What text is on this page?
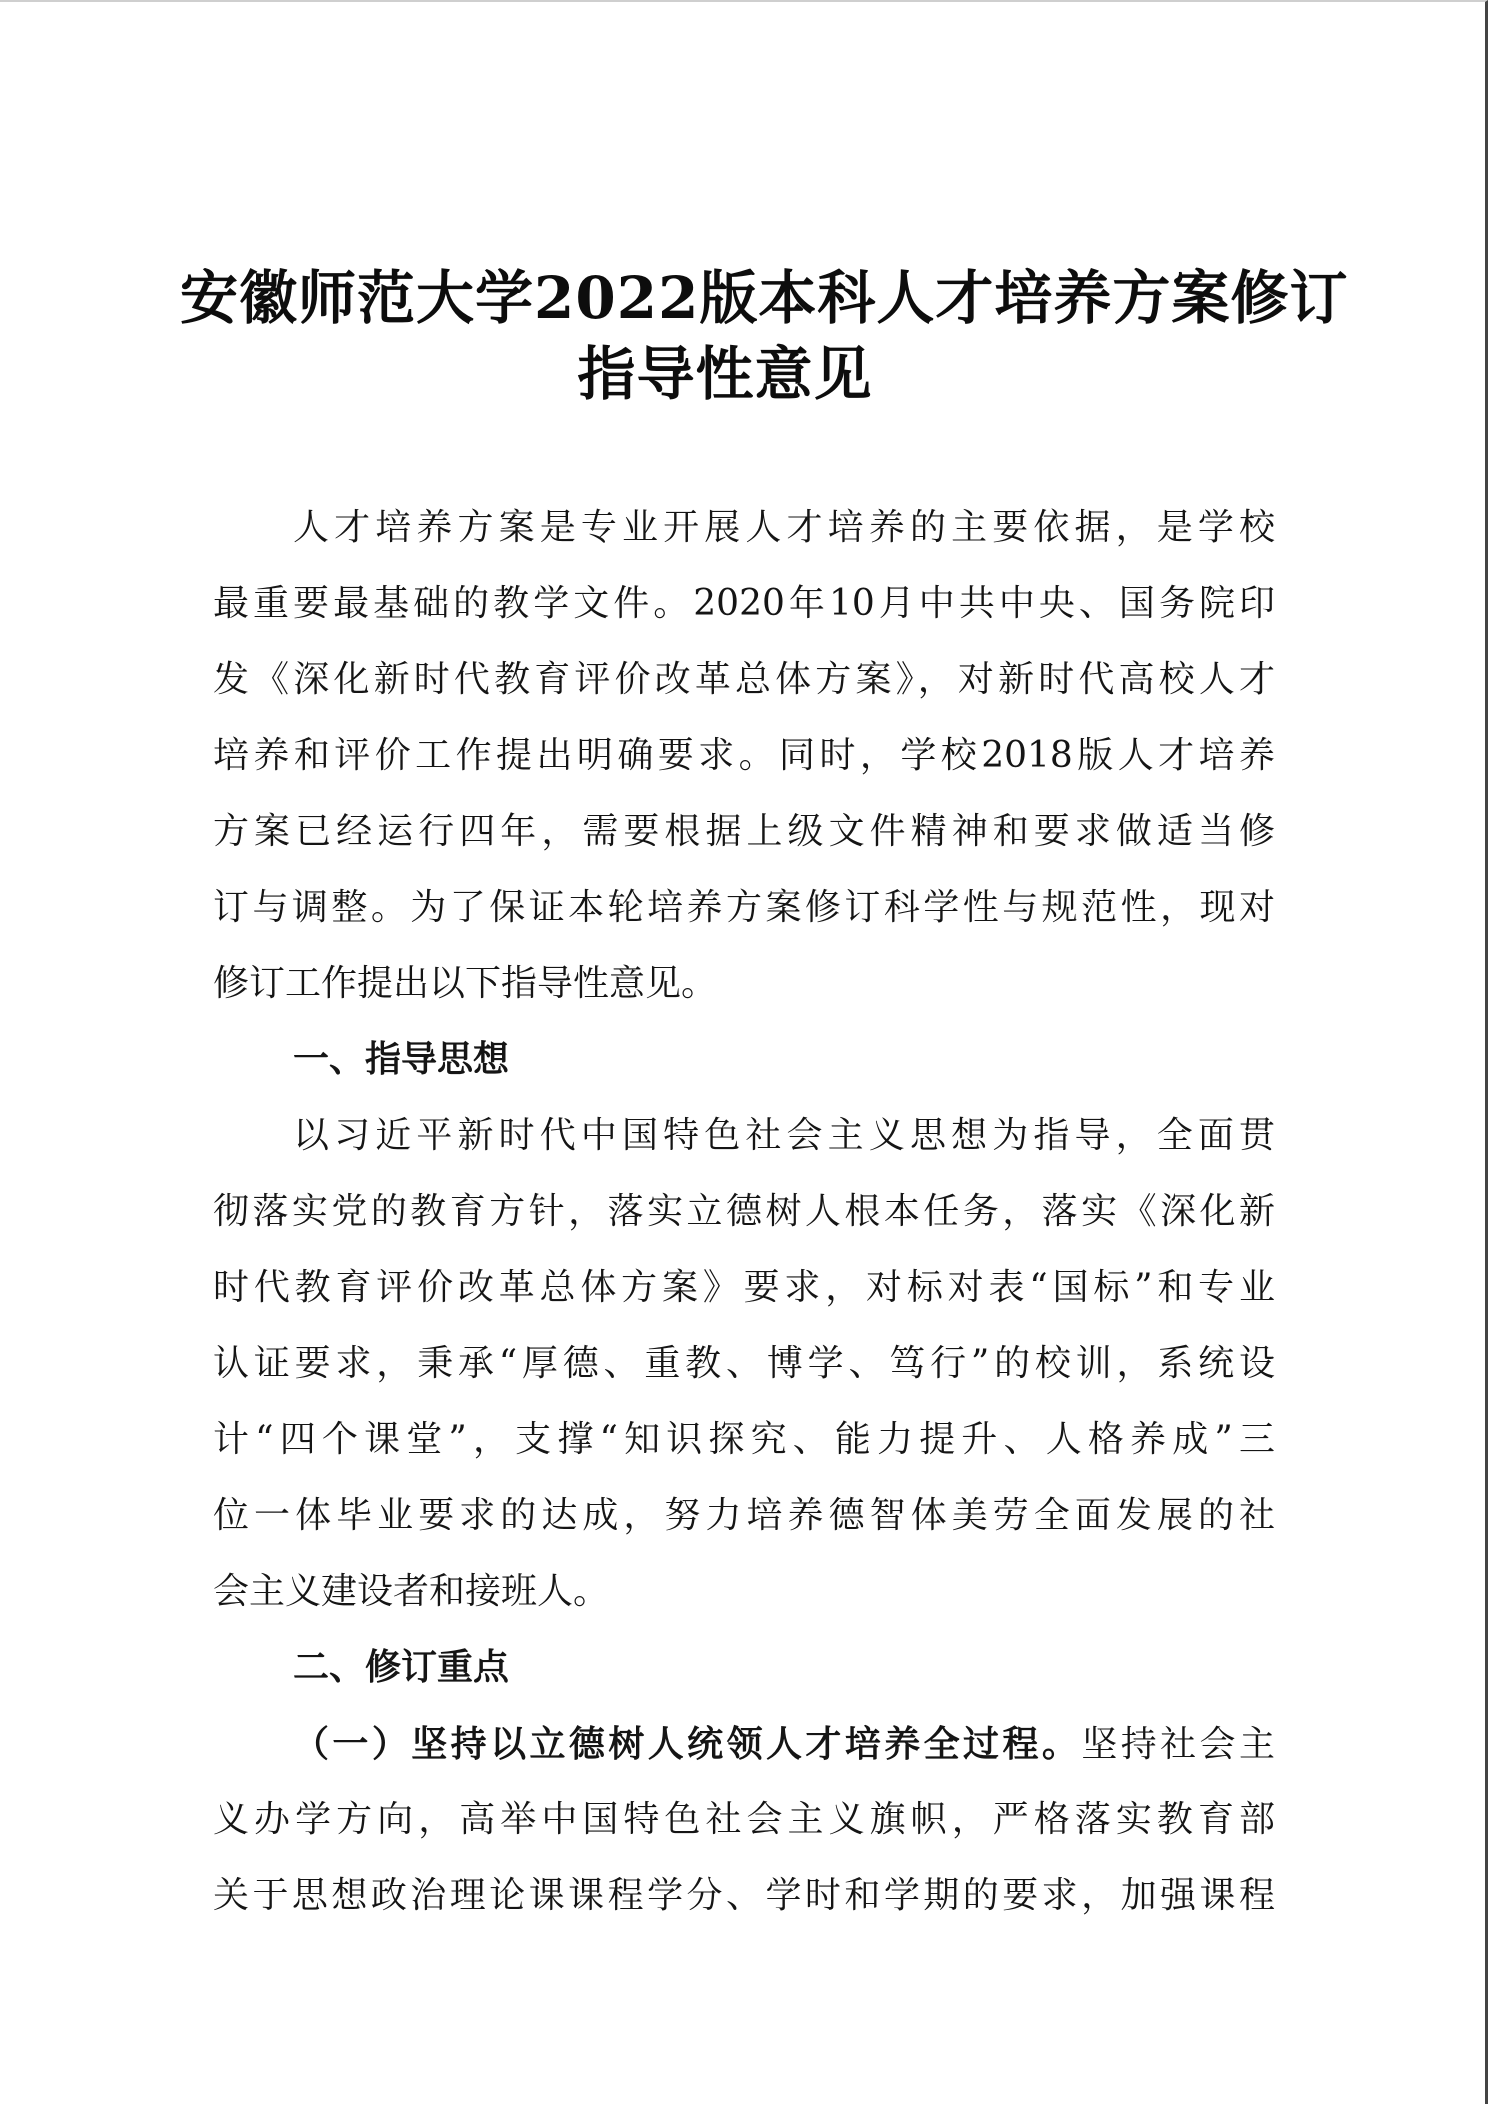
安徽师范大学2022版本科人才培养方案修订
指导性意见
人才培养方案是专业开展人才培养的主要依据，是学校
最重要最基础的教学文件。2020年10月中共中央、国务院印
发《深化新时代教育评价改革总体方案》，对新时代高校人才
培养和评价工作提出明确要求。同时，学校2018版人才培养
方案已经运行四年，需要根据上级文件精神和要求做适当修
订与调整。为了保证本轮培养方案修订科学性与规范性，现对
修订工作提出以下指导性意见。
一、指导思想
以习近平新时代中国特色社会主义思想为指导，全面贯
彻落实党的教育方针，落实立德树人根本任务，落实《深化新
时代教育评价改革总体方案》要求，对标对表“国标”和专业
认证要求，秉承“厚德、重教、博学、笃行”的校训，系统设
计“四个课堂”，支撑“知识探究、能力提升、人格养成”三
位一体毕业要求的达成，努力培养德智体美劳全面发展的社
会主义建设者和接班人。
二、修订重点
（一）坚持以立德树人统领人才培养全过程。坚持社会主
义办学方向，高举中国特色社会主义旗帜，严格落实教育部
关于思想政治理论课课程学分、学时和学期的要求，加强课程
